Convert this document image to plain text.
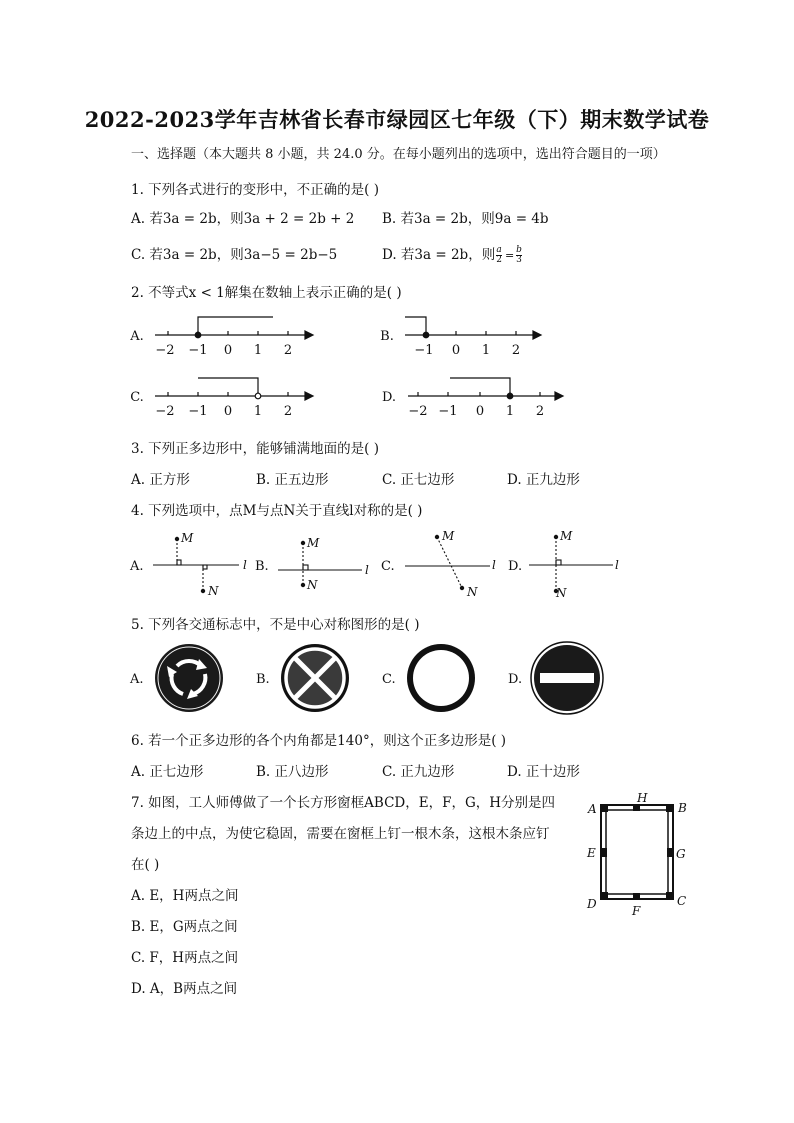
2022-2023学年吉林省长春市绿园区七年级（下）期末数学试卷
一、选择题（本大题共 8 小题，共 24.0 分。在每小题列出的选项中，选出符合题目的一项）
1. 下列各式进行的变形中，不正确的是( )
A. 若3a = 2b，则3a + 2 = 2b + 2 B. 若3a = 2b，则9a = 4b
C. 若3a = 2b，则3a−5 = 2b−5	D. 若3a = 2b，则 $\frac{a}{2} = \frac{b}{3}$
2. 不等式x < 1解集在数轴上表示正确的是( )
A.	B.
C.	D.
−2 −1 0 1 2	−1 0 1 2
−2 −1 0 1 2	−2 −1 0 1 2
3. 下列正多边形中，能够铺满地面的是( )
A. 正方形	B. 正五边形	C. 正七边形	D. 正九边形
4. 下列选项中，点M与点N关于直线l对称的是( )
A.	B.	C.	D.
M
N
l
M
N
l
M
N
l
M
N
l
5. 下列各交通标志中，不是中心对称图形的是( )
A.	B.	C.	D.
6. 若一个正多边形的各个内角都是140°，则这个正多边形是( )
A. 正七边形	B. 正八边形	C. 正九边形	D. 正十边形
7. 如图，工人师傅做了一个长方形窗框ABCD，E，F，G，H分别是四
条边上的中点，为使它稳固，需要在窗框上钉一根木条，这根木条应钉
在( )
A. E，H两点之间
B. E，G两点之间
C. F，H两点之间
D. A，B两点之间
A	B
C
D
E
F
G
H
